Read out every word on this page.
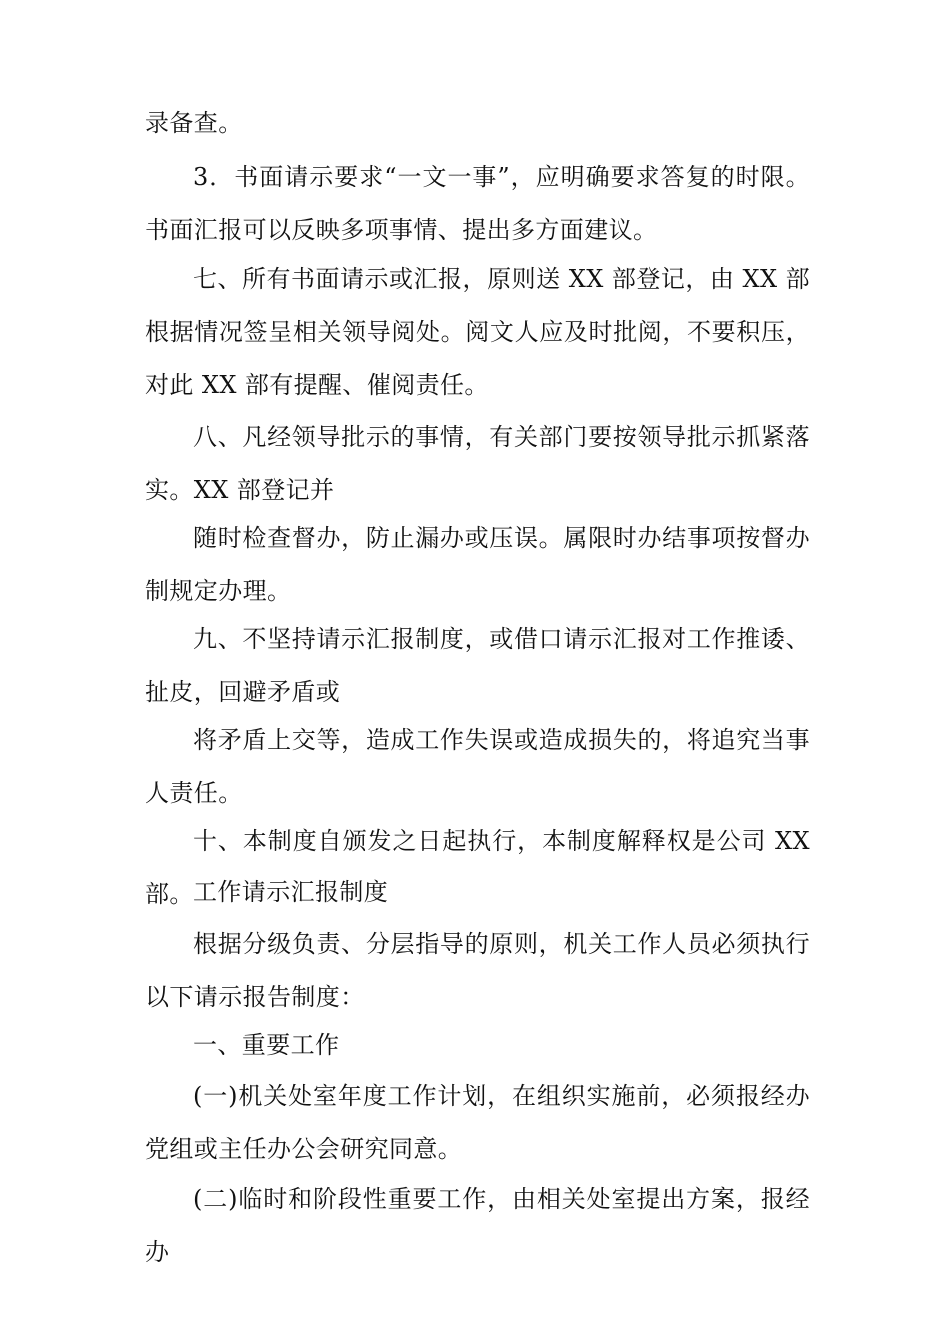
录备查。

3．书面请示要求“一文一事”，应明确要求答复的时限。书面汇报可以反映多项事情、提出多方面建议。

七、所有书面请示或汇报，原则送 XX 部登记，由 XX 部根据情况签呈相关领导阅处。阅文人应及时批阅，不要积压，对此 XX 部有提醒、催阅责任。

八、凡经领导批示的事情，有关部门要按领导批示抓紧落实。XX 部登记并

随时检查督办，防止漏办或压误。属限时办结事项按督办制规定办理。

九、不坚持请示汇报制度，或借口请示汇报对工作推诿、扯皮，回避矛盾或

将矛盾上交等，造成工作失误或造成损失的，将追究当事人责任。

十、本制度自颁发之日起执行，本制度解释权是公司 XX 部。 工作请示汇报制度

根据分级负责、分层指导的原则，机关工作人员必须执行以下请示报告制度：

一、重要工作

(一)机关处室年度工作计划，在组织实施前，必须报经办党组或主任办公会研究同意。

(二)临时和阶段性重要工作，由相关处室提出方案，报经办
